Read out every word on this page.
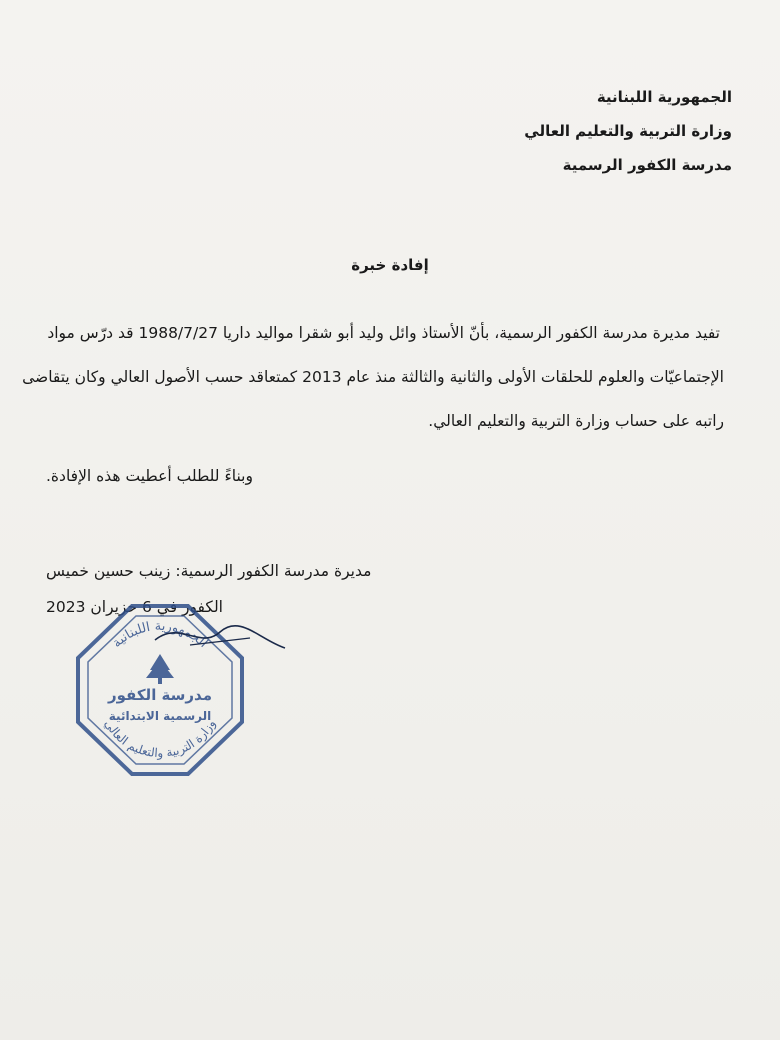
الجمهورية اللبنانية
وزارة التربية والتعليم العالي
مدرسة الكفور الرسمية
إفادة خبرة
تفيد مديرة مدرسة الكفور الرسمية، بأنّ الأستاذ وائل وليد أبو شقرا مواليد داريا 1988/7/27 قد درّس مواد
الإجتماعيّات والعلوم للحلقات الأولى والثانية والثالثة منذ عام 2013 كمتعاقد حسب الأصول العالي وكان يتقاضى
راتبه على حساب وزارة التربية والتعليم العالي.
وبناءً للطلب أعطيت هذه الإفادة.
مديرة مدرسة الكفور الرسمية: زينب حسين خميس
الكفور في 6 حزيران 2023
الجمهورية اللبنانية
مدرسة الكفور
الرسمية الابتدائية
وزارة التربية والتعليم العالي
